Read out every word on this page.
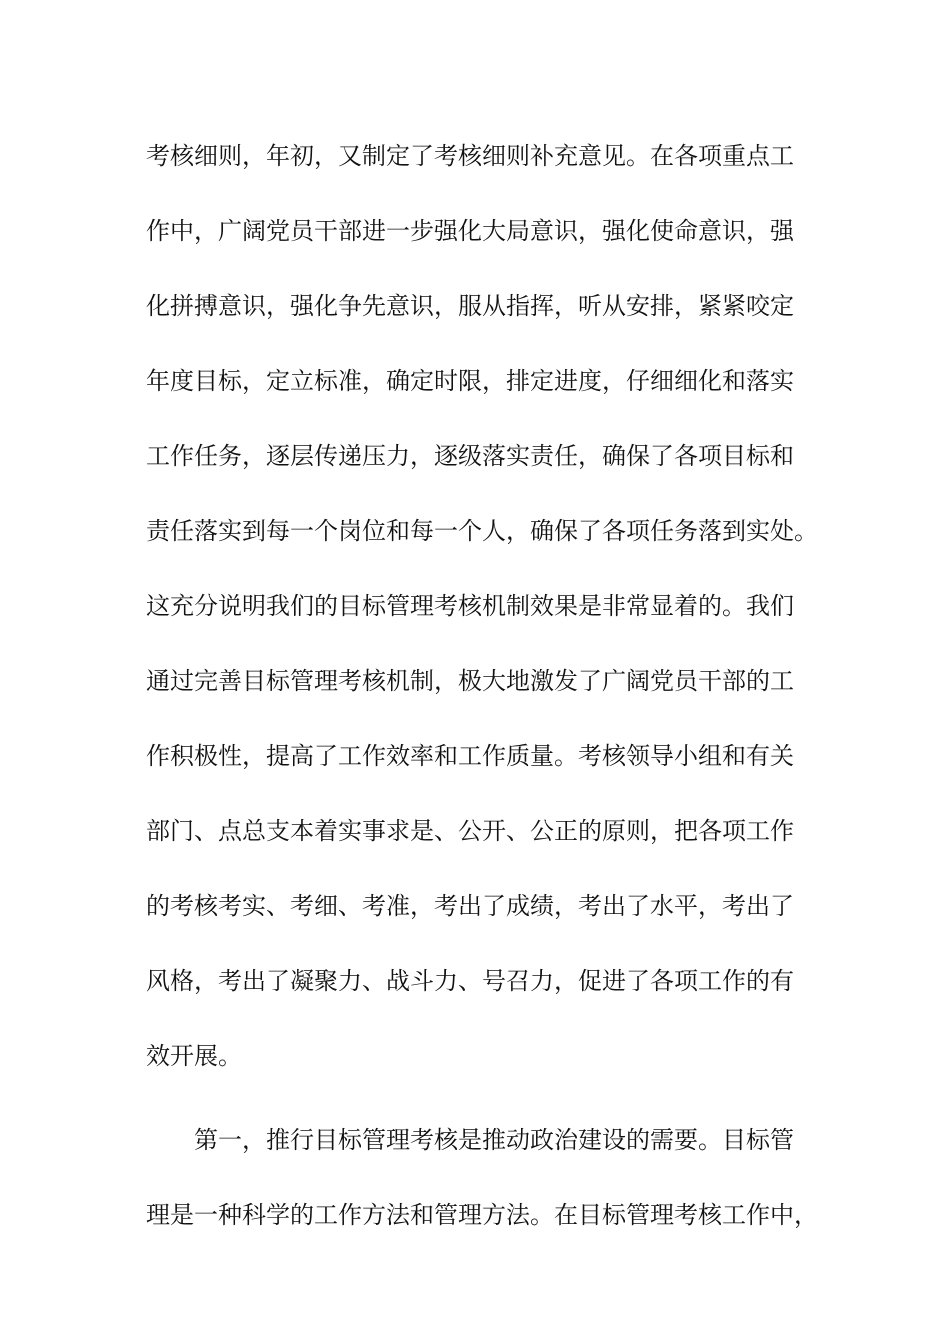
考核细则，年初，又制定了考核细则补充意见。在各项重点工
作中，广阔党员干部进一步强化大局意识，强化使命意识，强
化拼搏意识，强化争先意识，服从指挥，听从安排，紧紧咬定
年度目标，定立标准，确定时限，排定进度，仔细细化和落实
工作任务，逐层传递压力，逐级落实责任，确保了各项目标和
责任落实到每一个岗位和每一个人，确保了各项任务落到实处。
这充分说明我们的目标管理考核机制效果是非常显着的。我们
通过完善目标管理考核机制，极大地激发了广阔党员干部的工
作积极性，提高了工作效率和工作质量。考核领导小组和有关
部门、点总支本着实事求是、公开、公正的原则，把各项工作
的考核考实、考细、考准，考出了成绩，考出了水平，考出了
风格，考出了凝聚力、战斗力、号召力，促进了各项工作的有
效开展。
第一，推行目标管理考核是推动政治建设的需要。目标管
理是一种科学的工作方法和管理方法。在目标管理考核工作中，
